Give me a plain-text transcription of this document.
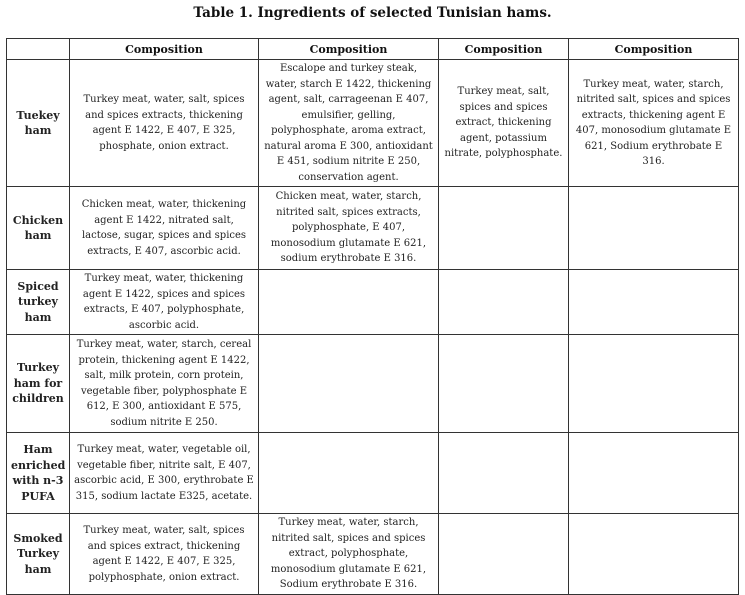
Table 1. Ingredients of selected Tunisian hams.
	Composition	Composition	Composition	Composition
Tuekey ham	Turkey meat, water, salt, spices and spices extracts, thickening agent E 1422, E 407, E 325, phosphate, onion extract.	Escalope and turkey steak, water, starch E 1422, thickening agent, salt, carrageenan E 407, emulsifier, gelling, polyphosphate, aroma extract, natural aroma E 300, antioxidant E 451, sodium nitrite E 250, conservation agent.	Turkey meat, salt, spices and spices extract, thickening agent, potassium nitrate, polyphosphate.	Turkey meat, water, starch, nitrited salt, spices and spices extracts, thickening agent E 407, monosodium glutamate E 621, Sodium erythrobate E 316.
Chicken ham	Chicken meat, water, thickening agent E 1422, nitrated salt, lactose, sugar, spices and spices extracts, E 407, ascorbic acid.	Chicken meat, water, starch, nitrited salt, spices extracts, polyphosphate, E 407, monosodium glutamate E 621, sodium erythrobate E 316.		
Spiced turkey ham	Turkey meat, water, thickening agent E 1422, spices and spices extracts, E 407, polyphosphate, ascorbic acid.			
Turkey ham for children	Turkey meat, water, starch, cereal protein, thickening agent E 1422, salt, milk protein, corn protein, vegetable fiber, polyphosphate E 612, E 300, antioxidant E 575, sodium nitrite E 250.			
Ham enriched with n-3 PUFA	Turkey meat, water, vegetable oil, vegetable fiber, nitrite salt, E 407, ascorbic acid, E 300, erythrobate E 315, sodium lactate E325, acetate.			
Smoked Turkey ham	Turkey meat, water, salt, spices and spices extract, thickening agent E 1422, E 407, E 325, polyphosphate, onion extract.	Turkey meat, water, starch, nitrited salt, spices and spices extract, polyphosphate, monosodium glutamate E 621, Sodium erythrobate E 316.		
